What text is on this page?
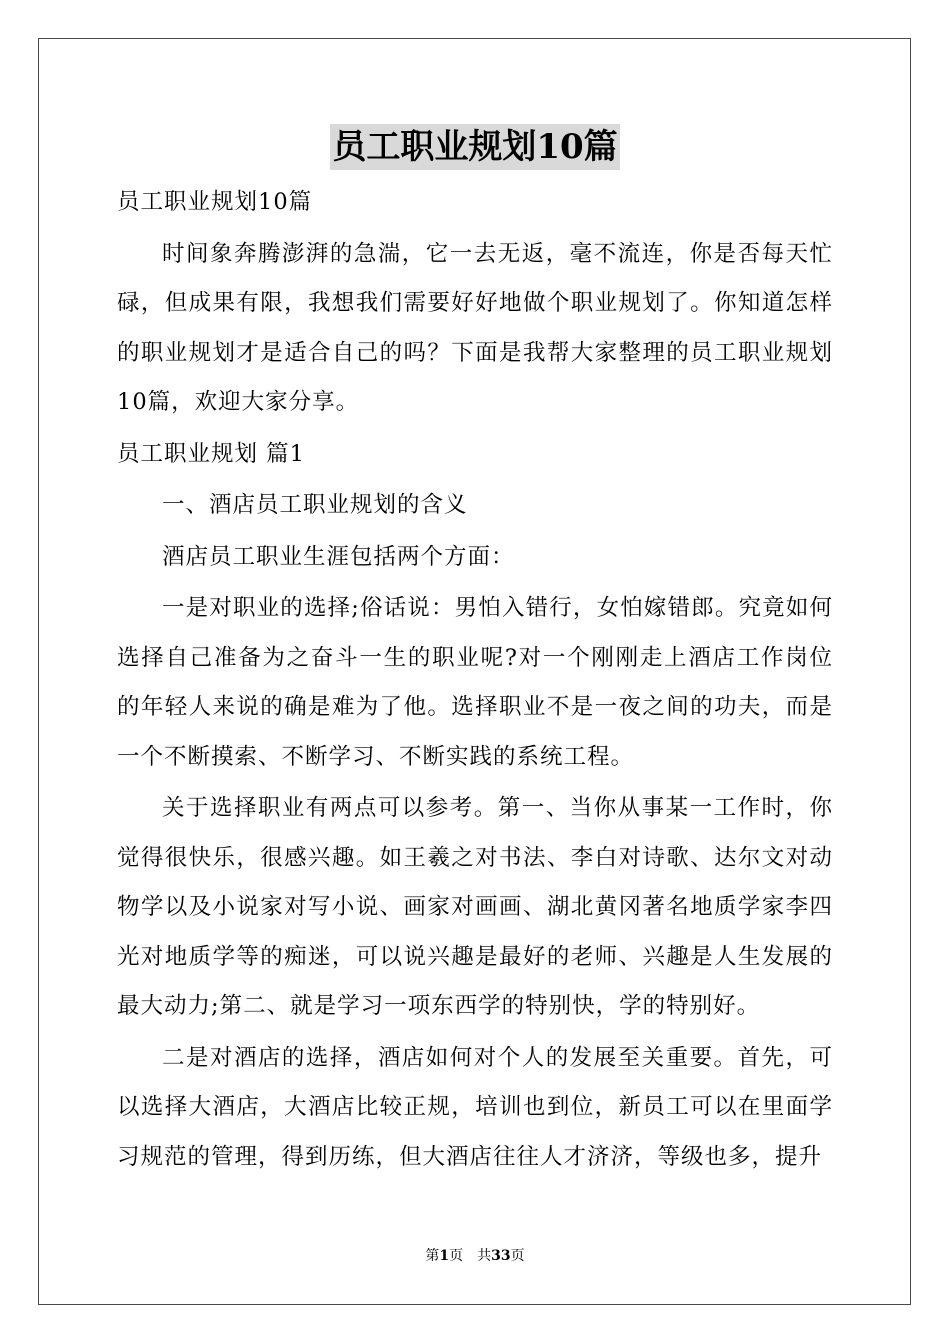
员工职业规划10篇

员工职业规划10篇

时间象奔腾澎湃的急湍，它一去无返，毫不流连，你是否每天忙碌，但成果有限，我想我们需要好好地做个职业规划了。你知道怎样的职业规划才是适合自己的吗？下面是我帮大家整理的员工职业规划10篇，欢迎大家分享。

员工职业规划 篇1

一、酒店员工职业规划的含义

酒店员工职业生涯包括两个方面：

一是对职业的选择;俗话说：男怕入错行，女怕嫁错郎。究竟如何选择自己准备为之奋斗一生的职业呢?对一个刚刚走上酒店工作岗位的年轻人来说的确是难为了他。选择职业不是一夜之间的功夫，而是一个不断摸索、不断学习、不断实践的系统工程。

关于选择职业有两点可以参考。第一、当你从事某一工作时，你觉得很快乐，很感兴趣。如王羲之对书法、李白对诗歌、达尔文对动物学以及小说家对写小说、画家对画画、湖北黄冈著名地质学家李四光对地质学等的痴迷，可以说兴趣是最好的老师、兴趣是人生发展的最大动力;第二、就是学习一项东西学的特别快，学的特别好。

二是对酒店的选择，酒店如何对个人的发展至关重要。首先，可以选择大酒店，大酒店比较正规，培训也到位，新员工可以在里面学习规范的管理，得到历练，但大酒店往往人才济济，等级也多，提升

第1页　共33页
